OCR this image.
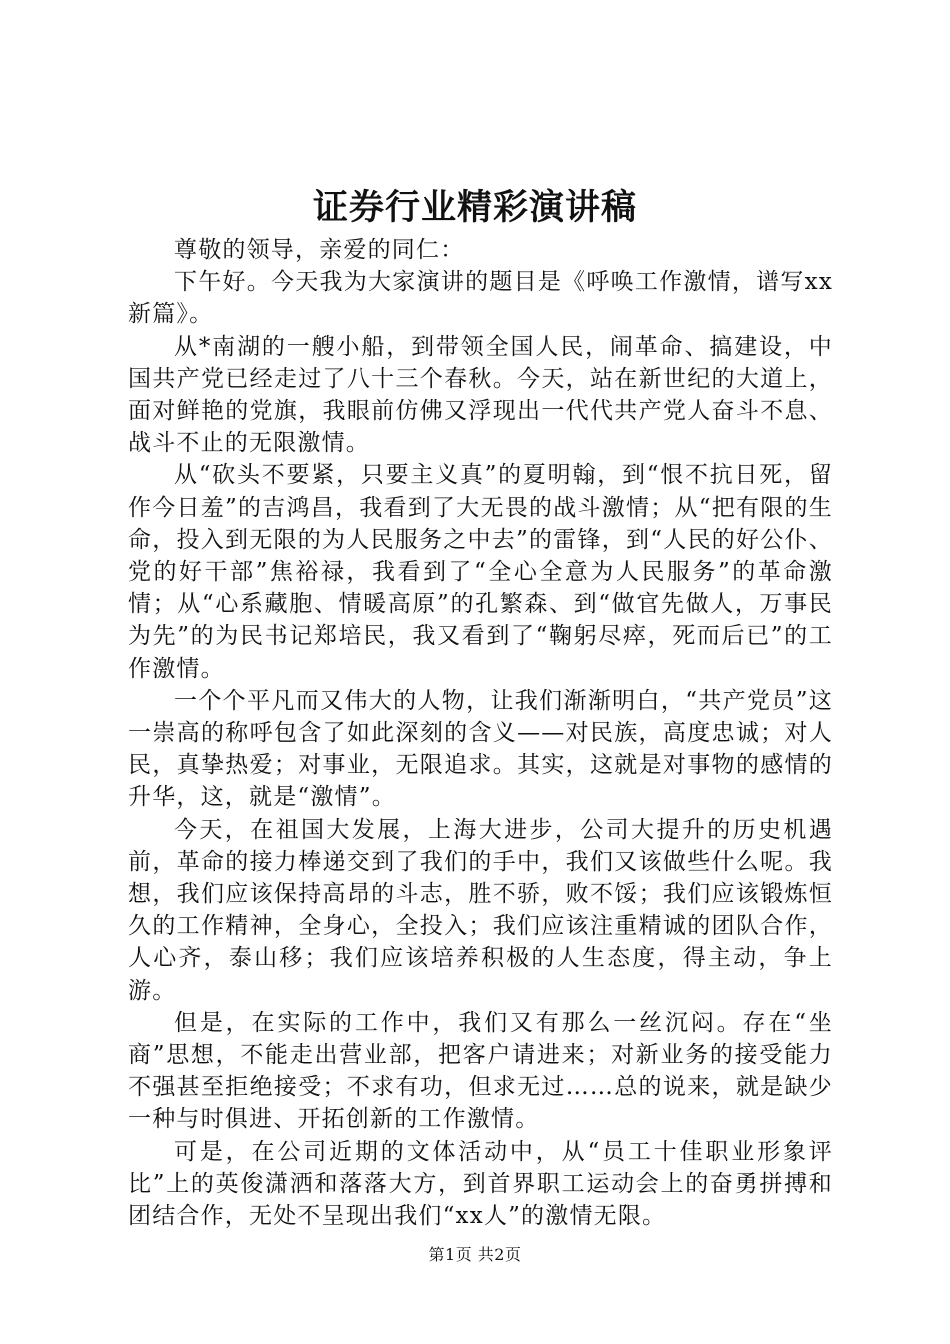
证券行业精彩演讲稿

尊敬的领导，亲爱的同仁：

下午好。今天我为大家演讲的题目是《呼唤工作激情，谱写xx新篇》。

从*南湖的一艘小船，到带领全国人民，闹革命、搞建设，中国共产党已经走过了八十三个春秋。今天，站在新世纪的大道上，面对鲜艳的党旗，我眼前仿佛又浮现出一代代共产党人奋斗不息、战斗不止的无限激情。

从“砍头不要紧，只要主义真”的夏明翰，到“恨不抗日死，留作今日羞”的吉鸿昌，我看到了大无畏的战斗激情；从“把有限的生命，投入到无限的为人民服务之中去”的雷锋，到“人民的好公仆、党的好干部”焦裕禄，我看到了“全心全意为人民服务”的革命激情；从“心系藏胞、情暖高原”的孔繁森、到“做官先做人，万事民为先”的为民书记郑培民，我又看到了“鞠躬尽瘁，死而后已”的工作激情。

一个个平凡而又伟大的人物，让我们渐渐明白，“共产党员”这一崇高的称呼包含了如此深刻的含义——对民族，高度忠诚；对人民，真挚热爱；对事业，无限追求。其实，这就是对事物的感情的升华，这，就是“激情”。

今天，在祖国大发展，上海大进步，公司大提升的历史机遇前，革命的接力棒递交到了我们的手中，我们又该做些什么呢。我想，我们应该保持高昂的斗志，胜不骄，败不馁；我们应该锻炼恒久的工作精神，全身心，全投入；我们应该注重精诚的团队合作，人心齐，泰山移；我们应该培养积极的人生态度，得主动，争上游。

但是，在实际的工作中，我们又有那么一丝沉闷。存在“坐商”思想，不能走出营业部，把客户请进来；对新业务的接受能力不强甚至拒绝接受；不求有功，但求无过……总的说来，就是缺少一种与时俱进、开拓创新的工作激情。

可是，在公司近期的文体活动中，从“员工十佳职业形象评比”上的英俊潇洒和落落大方，到首界职工运动会上的奋勇拼搏和团结合作，无处不呈现出我们“xx人”的激情无限。

第1页 共2页
